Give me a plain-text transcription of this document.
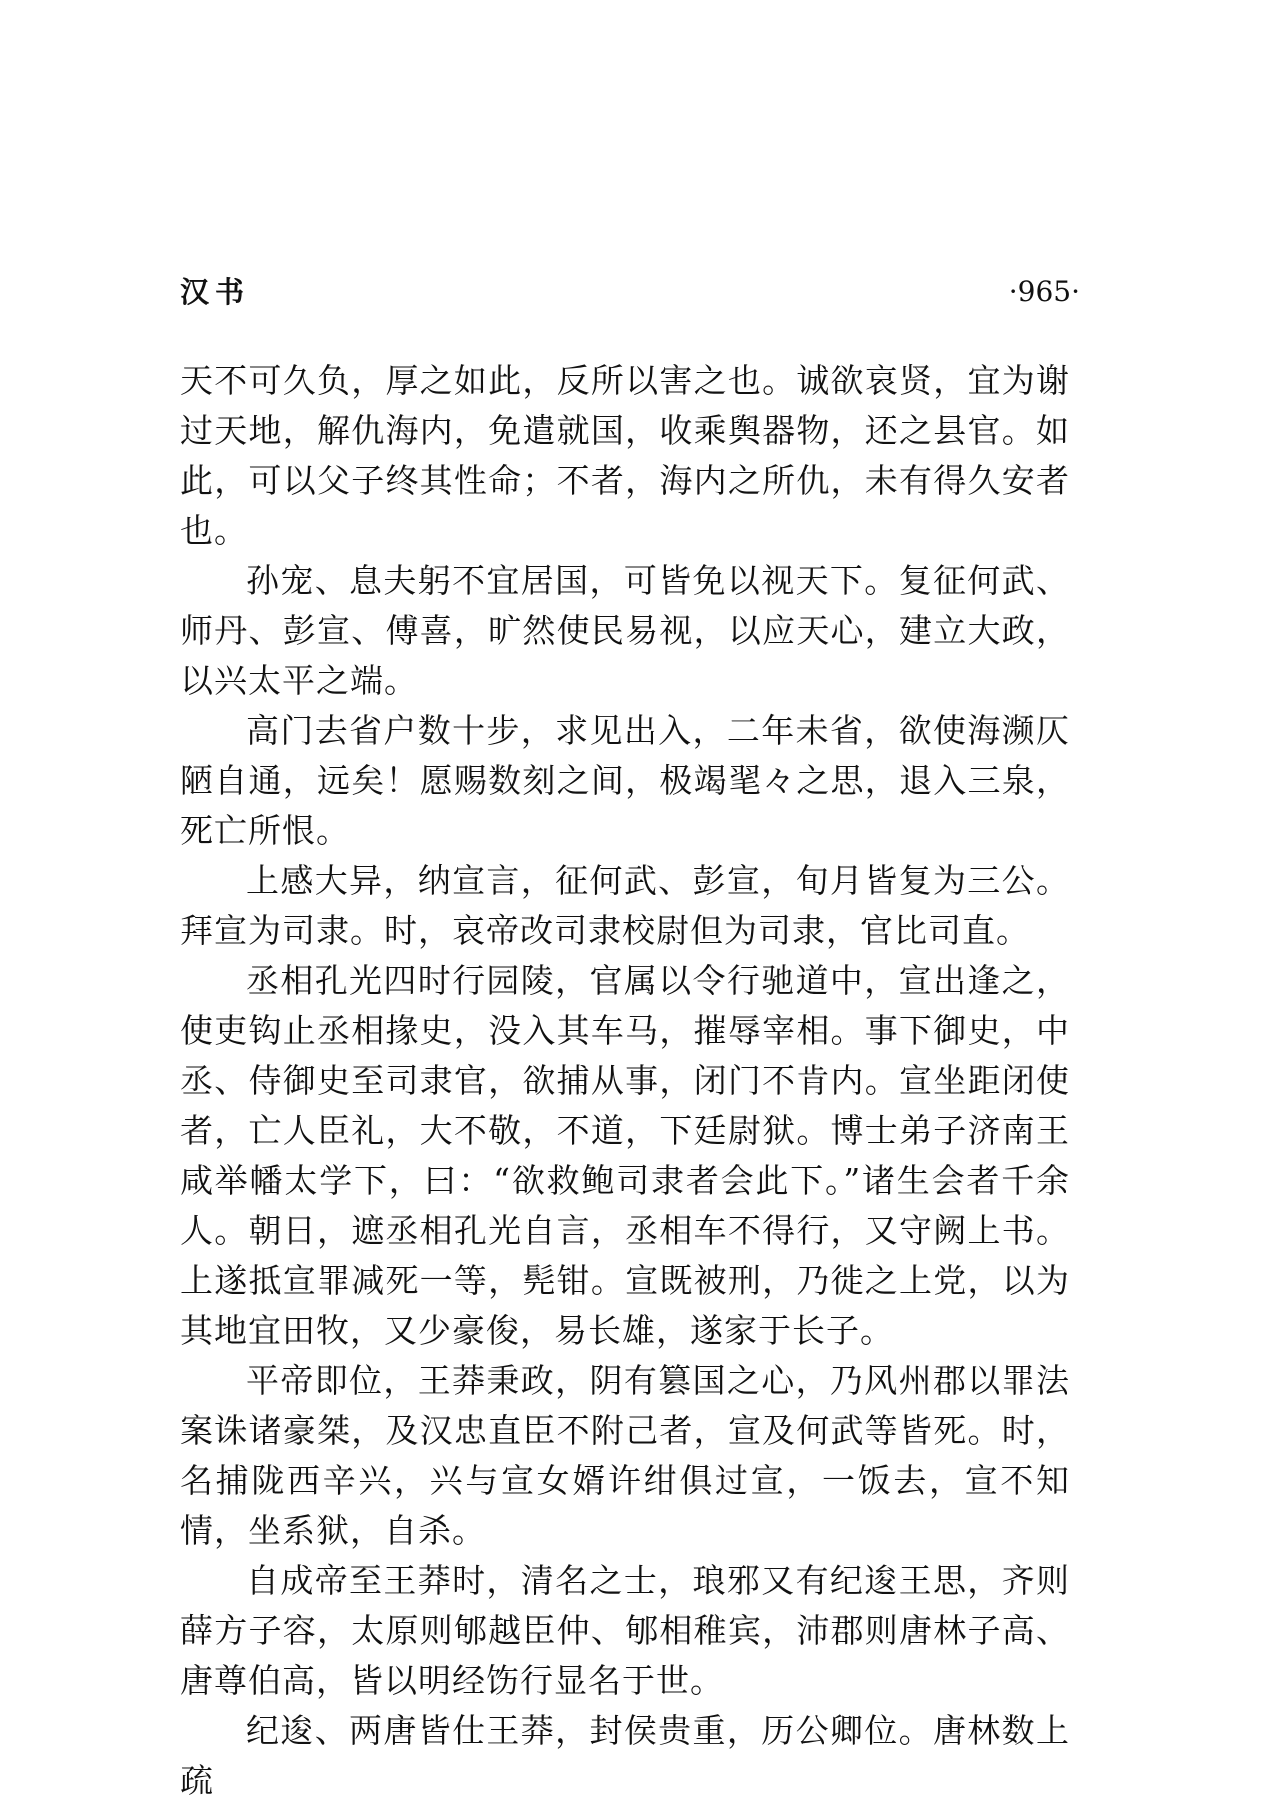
汉书	·965·

天不可久负，厚之如此，反所以害之也。诚欲哀贤，宜为谢过天地，解仇海内，免遣就国，收乘舆器物，还之县官。如此，可以父子终其性命；不者，海内之所仇，未有得久安者也。

孙宠、息夫躬不宜居国，可皆免以视天下。复征何武、师丹、彭宣、傅喜，旷然使民易视，以应天心，建立大政，以兴太平之端。

高门去省户数十步，求见出入，二年未省，欲使海濒仄陋自通，远矣！愿赐数刻之间，极竭毣々之思，退入三泉，死亡所恨。

上感大异，纳宣言，征何武、彭宣，旬月皆复为三公。拜宣为司隶。时，哀帝改司隶校尉但为司隶，官比司直。

丞相孔光四时行园陵，官属以令行驰道中，宣出逢之，使吏钩止丞相掾史，没入其车马，摧辱宰相。事下御史，中丞、侍御史至司隶官，欲捕从事，闭门不肯内。宣坐距闭使者，亡人臣礼，大不敬，不道，下廷尉狱。博士弟子济南王咸举幡太学下，曰：“欲救鲍司隶者会此下。”诸生会者千余人。朝日，遮丞相孔光自言，丞相车不得行，又守阙上书。上遂抵宣罪减死一等，髡钳。宣既被刑，乃徙之上党，以为其地宜田牧，又少豪俊，易长雄，遂家于长子。

平帝即位，王莽秉政，阴有篡国之心，乃风州郡以罪法案诛诸豪桀，及汉忠直臣不附己者，宣及何武等皆死。时，名捕陇西辛兴，兴与宣女婿许绀俱过宣，一饭去，宣不知情，坐系狱，自杀。

自成帝至王莽时，清名之士，琅邪又有纪逡王思，齐则薛方子容，太原则郇越臣仲、郇相稚宾，沛郡则唐林子高、唐尊伯高，皆以明经饬行显名于世。

纪逡、两唐皆仕王莽，封侯贵重，历公卿位。唐林数上疏
